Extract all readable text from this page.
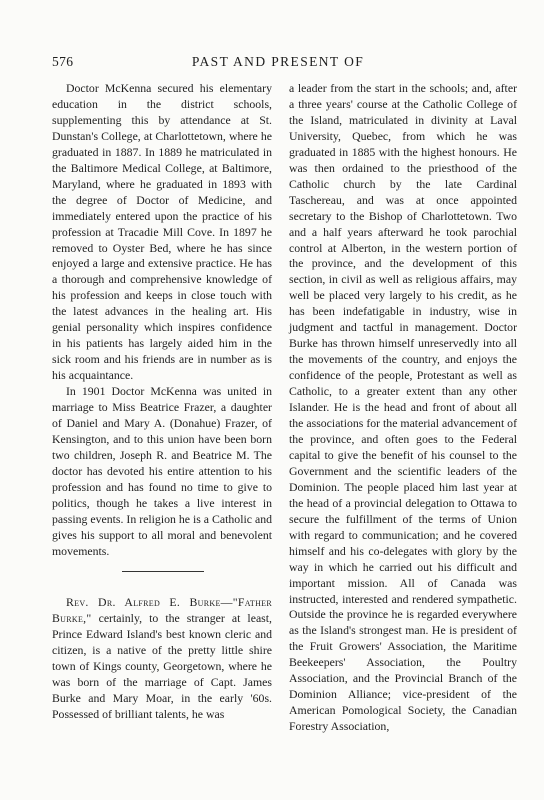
576	PAST AND PRESENT OF

Doctor McKenna secured his elementary education in the district schools, supplementing this by attendance at St. Dunstan's College, at Charlottetown, where he graduated in 1887. In 1889 he matriculated in the Baltimore Medical College, at Baltimore, Maryland, where he graduated in 1893 with the degree of Doctor of Medicine, and immediately entered upon the practice of his profession at Tracadie Mill Cove. In 1897 he removed to Oyster Bed, where he has since enjoyed a large and extensive practice. He has a thorough and comprehensive knowledge of his profession and keeps in close touch with the latest advances in the healing art. His genial personality which inspires confidence in his patients has largely aided him in the sick room and his friends are in number as is his acquaintance.

In 1901 Doctor McKenna was united in marriage to Miss Beatrice Frazer, a daughter of Daniel and Mary A. (Donahue) Frazer, of Kensington, and to this union have been born two children, Joseph R. and Beatrice M. The doctor has devoted his entire attention to his profession and has found no time to give to politics, though he takes a live interest in passing events. In religion he is a Catholic and gives his support to all moral and benevolent movements.

Rev. Dr. Alfred E. Burke—"Father Burke," certainly, to the stranger at least, Prince Edward Island's best known cleric and citizen, is a native of the pretty little shire town of Kings county, Georgetown, where he was born of the marriage of Capt. James Burke and Mary Moar, in the early '60s. Possessed of brilliant talents, he was

a leader from the start in the schools; and, after a three years' course at the Catholic College of the Island, matriculated in divinity at Laval University, Quebec, from which he was graduated in 1885 with the highest honours. He was then ordained to the priesthood of the Catholic church by the late Cardinal Taschereau, and was at once appointed secretary to the Bishop of Charlottetown. Two and a half years afterward he took parochial control at Alberton, in the western portion of the province, and the development of this section, in civil as well as religious affairs, may well be placed very largely to his credit, as he has been indefatigable in industry, wise in judgment and tactful in management. Doctor Burke has thrown himself unreservedly into all the movements of the country, and enjoys the confidence of the people, Protestant as well as Catholic, to a greater extent than any other Islander. He is the head and front of about all the associations for the material advancement of the province, and often goes to the Federal capital to give the benefit of his counsel to the Government and the scientific leaders of the Dominion. The people placed him last year at the head of a provincial delegation to Ottawa to secure the fulfillment of the terms of Union with regard to communication; and he covered himself and his co-delegates with glory by the way in which he carried out his difficult and important mission. All of Canada was instructed, interested and rendered sympathetic. Outside the province he is regarded everywhere as the Island's strongest man. He is president of the Fruit Growers' Association, the Maritime Beekeepers' Association, the Poultry Association, and the Provincial Branch of the Dominion Alliance; vice-president of the American Pomological Society, the Canadian Forestry Association,
